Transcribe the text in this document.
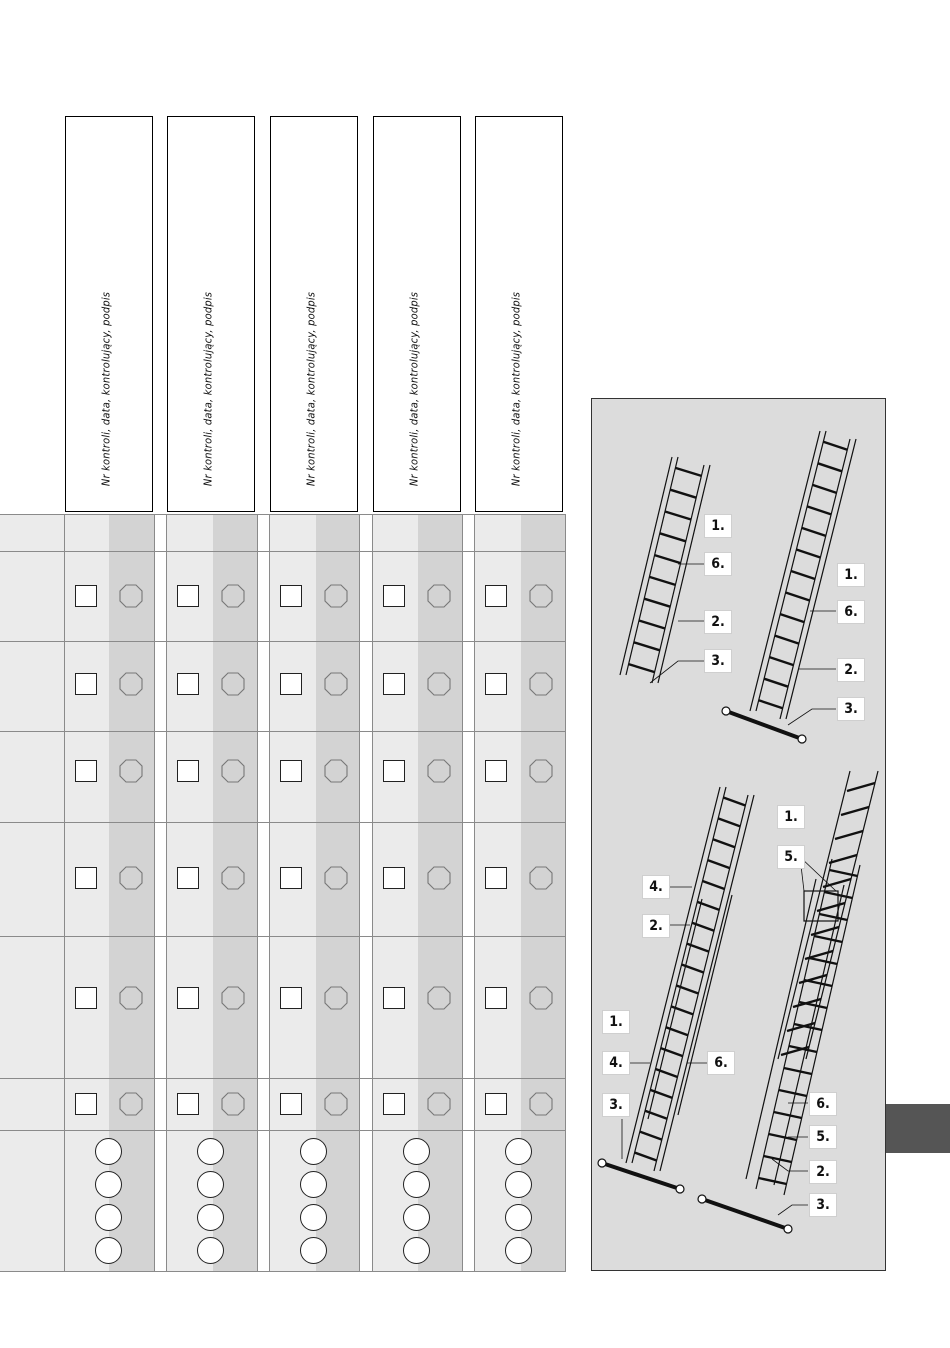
Nr kontroli, data, kontrolujący, podpis	Nr kontroli, data, kontrolujący, podpis	Nr kontroli, data, kontrolujący, podpis	Nr kontroli, data, kontrolujący, podpis	Nr kontroli, data, kontrolujący, podpis
1.
6.
2.
3.
1.
6.
2.
3.
4.
2.
1.
4.	6.
3.
1.
5.
6.
5.
2.
3.
